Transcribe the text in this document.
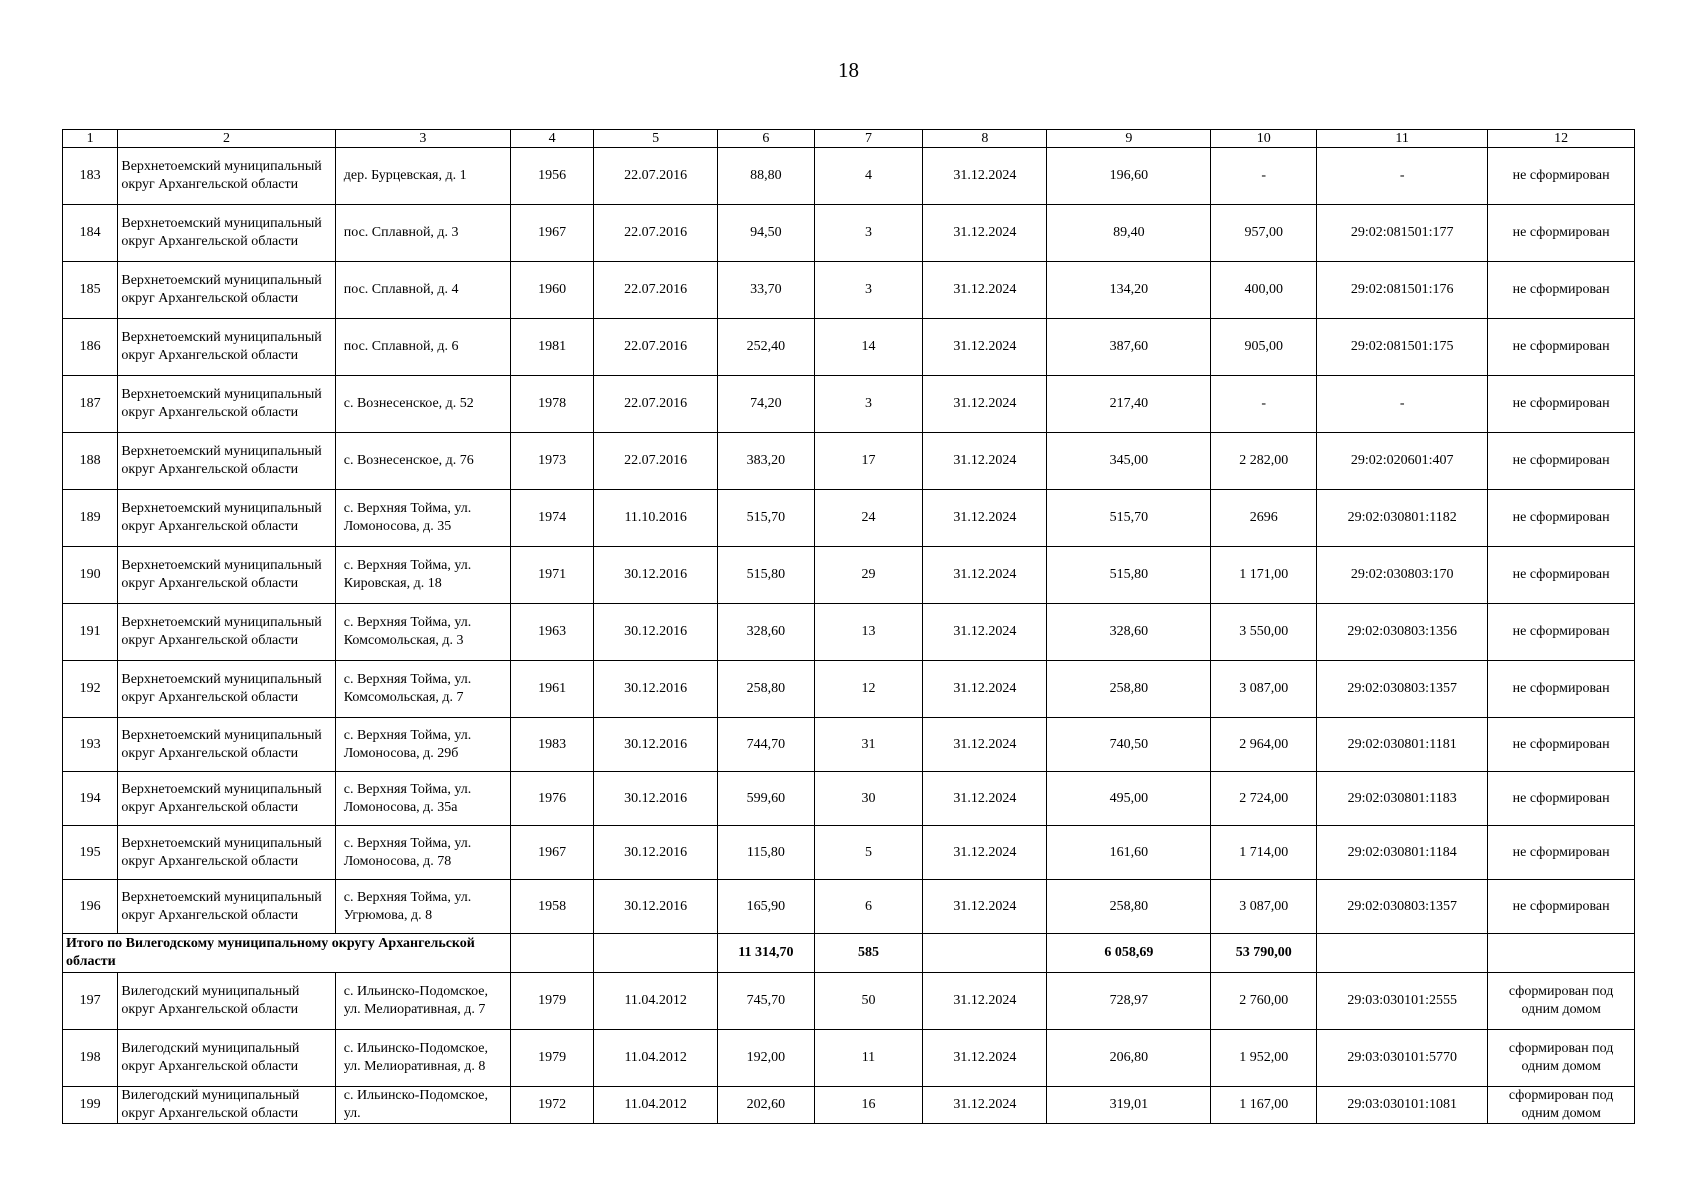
18
1	2	3	4	5	6	7	8	9	10	11	12
183	Верхнетоемский муниципальный округ Архангельской области	дер. Бурцевская, д. 1	1956	22.07.2016	88,80	4	31.12.2024	196,60	-	-	не сформирован
184	Верхнетоемский муниципальный округ Архангельской области	пос. Сплавной, д. 3	1967	22.07.2016	94,50	3	31.12.2024	89,40	957,00	29:02:081501:177	не сформирован
185	Верхнетоемский муниципальный округ Архангельской области	пос. Сплавной, д. 4	1960	22.07.2016	33,70	3	31.12.2024	134,20	400,00	29:02:081501:176	не сформирован
186	Верхнетоемский муниципальный округ Архангельской области	пос. Сплавной, д. 6	1981	22.07.2016	252,40	14	31.12.2024	387,60	905,00	29:02:081501:175	не сформирован
187	Верхнетоемский муниципальный округ Архангельской области	с. Вознесенское, д. 52	1978	22.07.2016	74,20	3	31.12.2024	217,40	-	-	не сформирован
188	Верхнетоемский муниципальный округ Архангельской области	с. Вознесенское, д. 76	1973	22.07.2016	383,20	17	31.12.2024	345,00	2 282,00	29:02:020601:407	не сформирован
189	Верхнетоемский муниципальный округ Архангельской области	с. Верхняя Тойма, ул. Ломоносова, д. 35	1974	11.10.2016	515,70	24	31.12.2024	515,70	2696	29:02:030801:1182	не сформирован
190	Верхнетоемский муниципальный округ Архангельской области	с. Верхняя Тойма, ул. Кировская, д. 18	1971	30.12.2016	515,80	29	31.12.2024	515,80	1 171,00	29:02:030803:170	не сформирован
191	Верхнетоемский муниципальный округ Архангельской области	с. Верхняя Тойма, ул. Комсомольская, д. 3	1963	30.12.2016	328,60	13	31.12.2024	328,60	3 550,00	29:02:030803:1356	не сформирован
192	Верхнетоемский муниципальный округ Архангельской области	с. Верхняя Тойма, ул. Комсомольская, д. 7	1961	30.12.2016	258,80	12	31.12.2024	258,80	3 087,00	29:02:030803:1357	не сформирован
193	Верхнетоемский муниципальный округ Архангельской области	с. Верхняя Тойма, ул. Ломоносова, д. 29б	1983	30.12.2016	744,70	31	31.12.2024	740,50	2 964,00	29:02:030801:1181	не сформирован
194	Верхнетоемский муниципальный округ Архангельской области	с. Верхняя Тойма, ул. Ломоносова, д. 35а	1976	30.12.2016	599,60	30	31.12.2024	495,00	2 724,00	29:02:030801:1183	не сформирован
195	Верхнетоемский муниципальный округ Архангельской области	с. Верхняя Тойма, ул. Ломоносова, д. 78	1967	30.12.2016	115,80	5	31.12.2024	161,60	1 714,00	29:02:030801:1184	не сформирован
196	Верхнетоемский муниципальный округ Архангельской области	с. Верхняя Тойма, ул. Угрюмова, д. 8	1958	30.12.2016	165,90	6	31.12.2024	258,80	3 087,00	29:02:030803:1357	не сформирован
Итого по Вилегодскому муниципальному округу Архангельской области					11 314,70	585		6 058,69	53 790,00		
197	Вилегодский муниципальный округ Архангельской области	с. Ильинско-Подомское, ул. Мелиоративная, д. 7	1979	11.04.2012	745,70	50	31.12.2024	728,97	2 760,00	29:03:030101:2555	сформирован под одним домом
198	Вилегодский муниципальный округ Архангельской области	с. Ильинско-Подомское, ул. Мелиоративная, д. 8	1979	11.04.2012	192,00	11	31.12.2024	206,80	1 952,00	29:03:030101:5770	сформирован под одним домом
199	Вилегодский муниципальный округ Архангельской области	с. Ильинско-Подомское, ул.	1972	11.04.2012	202,60	16	31.12.2024	319,01	1 167,00	29:03:030101:1081	сформирован под одним домом
